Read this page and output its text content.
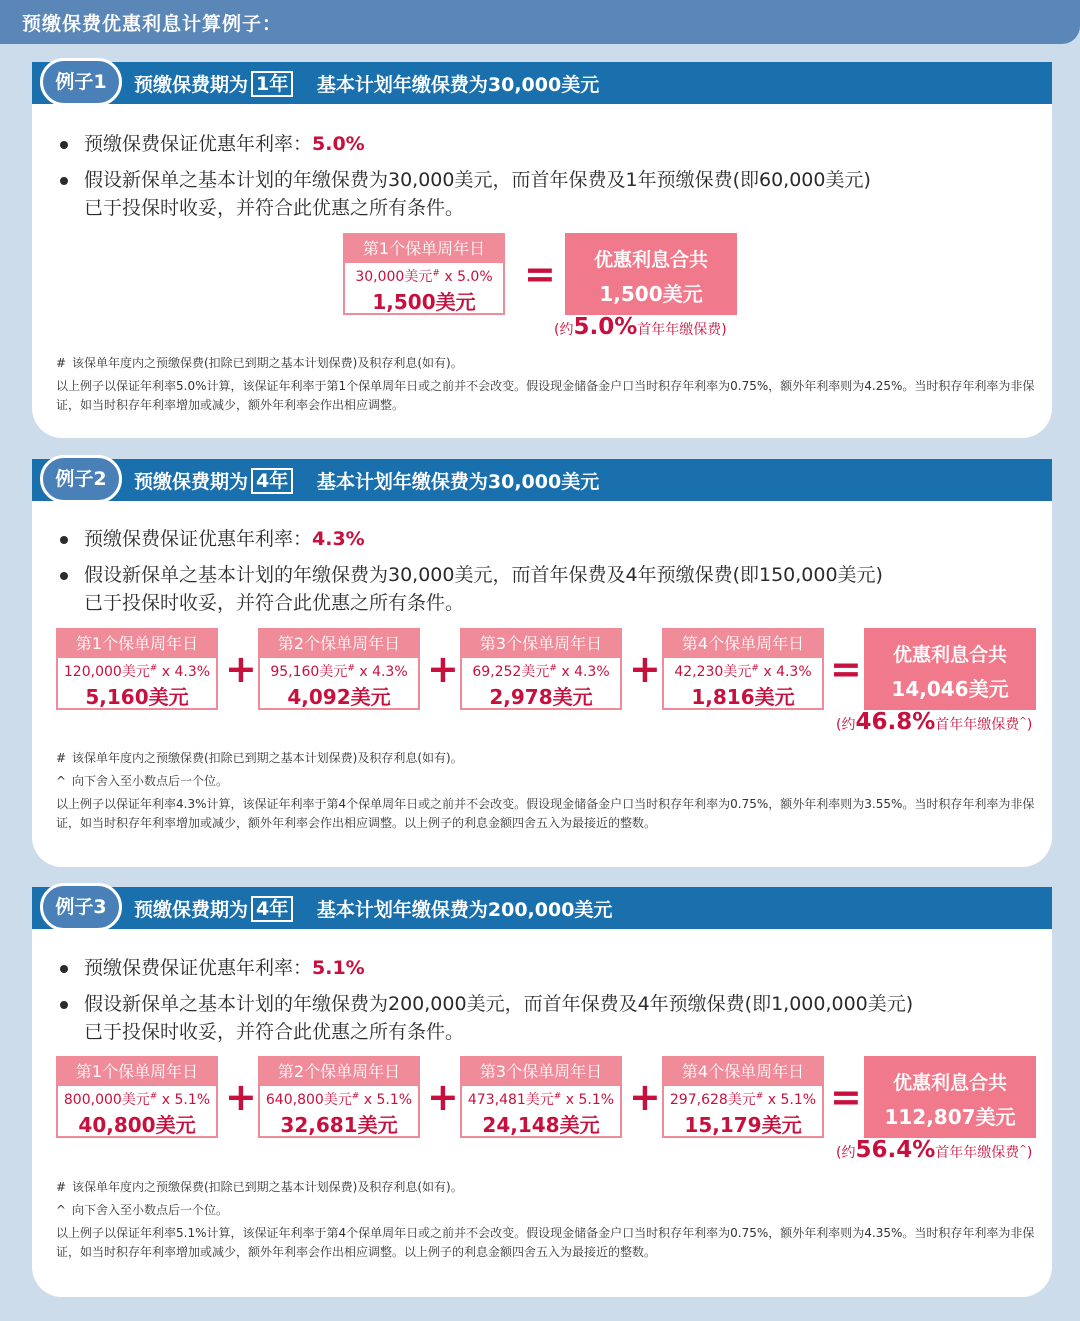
预缴保费优惠利息计算例子：
例子1	预缴保费期为 1年 基本计划年缴保费为30,000美元
预缴保费保证优惠年利率：5.0%
假设新保单之基本计划的年缴保费为30,000美元，而首年保费及1年预缴保费(即60,000美元)
已于投保时收妥，并符合此优惠之所有条件。
第1个保单周年日
30,000美元# x 5.0%
1,500美元
=	优惠利息合共
1,500美元
(约5.0%首年年缴保费)
# 该保单年度内之预缴保费(扣除已到期之基本计划保费)及积存利息(如有)。
以上例子以保证年利率5.0%计算，该保证年利率于第1个保单周年日或之前并不会改变。假设现金储备金户口当时积存年利率为0.75%，额外年利率则为4.25%。当时积存年利率为非保证，如当时积存年利率增加或减少，额外年利率会作出相应调整。
例子2	预缴保费期为 4年 基本计划年缴保费为30,000美元
预缴保费保证优惠年利率：4.3%
假设新保单之基本计划的年缴保费为30,000美元，而首年保费及4年预缴保费(即150,000美元)
已于投保时收妥，并符合此优惠之所有条件。
第1个保单周年日
120,000美元# x 4.3%
5,160美元
+
第2个保单周年日
95,160美元# x 4.3%
4,092美元
+
第3个保单周年日
69,252美元# x 4.3%
2,978美元
+
第4个保单周年日
42,230美元# x 4.3%
1,816美元
=	优惠利息合共
14,046美元
(约46.8%首年年缴保费^)
# 该保单年度内之预缴保费(扣除已到期之基本计划保费)及积存利息(如有)。
^ 向下舍入至小数点后一个位。
以上例子以保证年利率4.3%计算，该保证年利率于第4个保单周年日或之前并不会改变。假设现金储备金户口当时积存年利率为0.75%，额外年利率则为3.55%。当时积存年利率为非保证，如当时积存年利率增加或减少，额外年利率会作出相应调整。以上例子的利息金额四舍五入为最接近的整数。
例子3	预缴保费期为 4年 基本计划年缴保费为200,000美元
预缴保费保证优惠年利率：5.1%
假设新保单之基本计划的年缴保费为200,000美元，而首年保费及4年预缴保费(即1,000,000美元)
已于投保时收妥，并符合此优惠之所有条件。
第1个保单周年日
800,000美元# x 5.1%
40,800美元
+
第2个保单周年日
640,800美元# x 5.1%
32,681美元
+
第3个保单周年日
473,481美元# x 5.1%
24,148美元
+
第4个保单周年日
297,628美元# x 5.1%
15,179美元
=	优惠利息合共
112,807美元
(约56.4%首年年缴保费^)
# 该保单年度内之预缴保费(扣除已到期之基本计划保费)及积存利息(如有)。
^ 向下舍入至小数点后一个位。
以上例子以保证年利率5.1%计算，该保证年利率于第4个保单周年日或之前并不会改变。假设现金储备金户口当时积存年利率为0.75%，额外年利率则为4.35%。当时积存年利率为非保证，如当时积存年利率增加或减少，额外年利率会作出相应调整。以上例子的利息金额四舍五入为最接近的整数。
